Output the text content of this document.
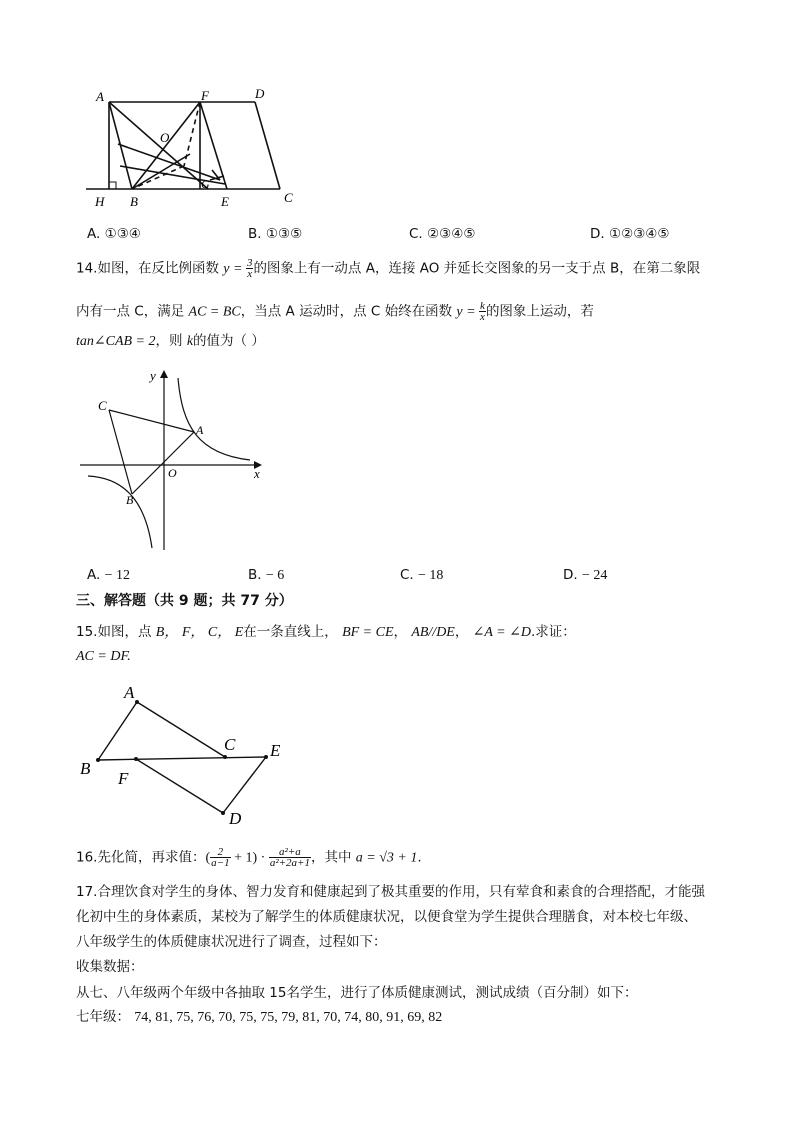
A	F	D
O
G
H B	E	C
A. ①③④	B. ①③⑤	C. ②③④⑤	D. ①②③④⑤
14.如图，在反比例函数 $y = \frac{3}{x}$ 的图象上有一动点 A，连接 AO 并延长交图象的另一支于点 B，在第二象限
内有一点 C，满足 AC = BC，当点 A 运动时，点 C 始终在函数 $y = \frac{k}{x}$ 的图象上运动，若
tan∠CAB = 2，则 k的值为（ ）
y
x
O
A
B
C
A. − 12	B. − 6	C. − 18	D. − 24
三、解答题（共 9 题；共 77 分）
15.如图，点 B， F， C， E在一条直线上， BF = CE， AB//DE， ∠A = ∠D.求证：
AC = DF.
A
B
C
D
E
F
16.先化简，再求值：( $\frac{2}{a-1} + 1) \cdot \frac{\text{a²+a}}{\text{a²+2a+1}}$ ，其中 a = √3 + 1.
17.合理饮食对学生的身体、智力发育和健康起到了极其重要的作用，只有荤食和素食的合理搭配，才能强
化初中生的身体素质，某校为了解学生的体质健康状况，以便食堂为学生提供合理膳食，对本校七年级、
八年级学生的体质健康状况进行了调查，过程如下：
收集数据：
从七、八年级两个年级中各抽取 15名学生，进行了体质健康测试，测试成绩（百分制）如下：
七年级： 74, 81, 75, 76, 70, 75, 75, 79, 81, 70, 74, 80, 91, 69, 82
